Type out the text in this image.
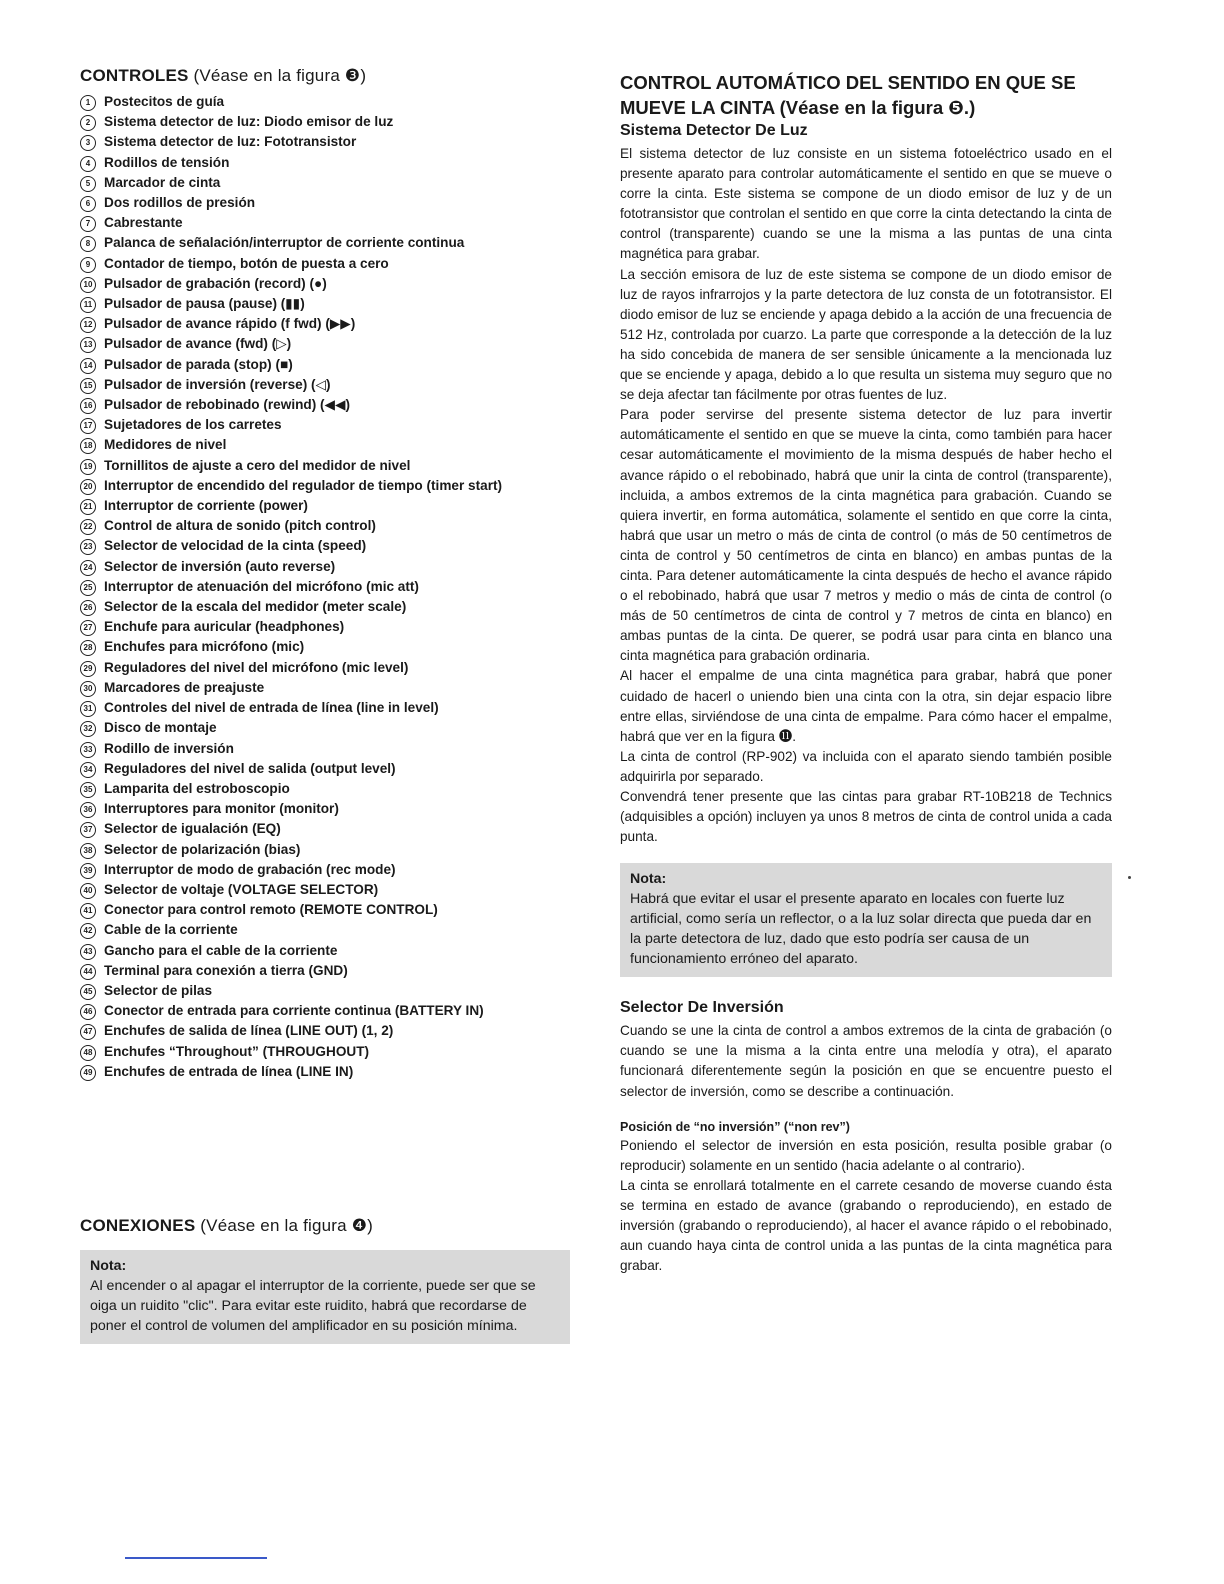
CONTROLES (Véase en la figura ❸)
1	Postecitos de guía
2	Sistema detector de luz: Diodo emisor de luz
3	Sistema detector de luz: Fototransistor
4	Rodillos de tensión
5	Marcador de cinta
6	Dos rodillos de presión
7	Cabrestante
8	Palanca de señalación/interruptor de corriente continua
9	Contador de tiempo, botón de puesta a cero
10 Pulsador de grabación (record) (●)
11 Pulsador de pausa (pause) (▮▮)
12 Pulsador de avance rápido (f fwd) (▶▶)
13 Pulsador de avance (fwd) (▷)
14 Pulsador de parada (stop) (■)
15 Pulsador de inversión (reverse) (◁)
16 Pulsador de rebobinado (rewind) (◀◀)
17 Sujetadores de los carretes
18 Medidores de nivel
19 Tornillitos de ajuste a cero del medidor de nivel
20 Interruptor de encendido del regulador de tiempo (timer start)
21 Interruptor de corriente (power)
22 Control de altura de sonido (pitch control)
23 Selector de velocidad de la cinta (speed)
24 Selector de inversión (auto reverse)
25 Interruptor de atenuación del micrófono (mic att)
26 Selector de la escala del medidor (meter scale)
27 Enchufe para auricular (headphones)
28 Enchufes para micrófono (mic)
29 Reguladores del nivel del micrófono (mic level)
30 Marcadores de preajuste
31 Controles del nivel de entrada de línea (line in level)
32 Disco de montaje
33 Rodillo de inversión
34 Reguladores del nivel de salida (output level)
35 Lamparita del estroboscopio
36 Interruptores para monitor (monitor)
37 Selector de igualación (EQ)
38 Selector de polarización (bias)
39 Interruptor de modo de grabación (rec mode)
40 Selector de voltaje (VOLTAGE SELECTOR)
41 Conector para control remoto (REMOTE CONTROL)
42 Cable de la corriente
43 Gancho para el cable de la corriente
44 Terminal para conexión a tierra (GND)
45 Selector de pilas
46 Conector de entrada para corriente continua (BATTERY IN)
47 Enchufes de salida de línea (LINE OUT) (1, 2)
48 Enchufes “Throughout” (THROUGHOUT)
49 Enchufes de entrada de línea (LINE IN)
CONEXIONES (Véase en la figura ❹)
Nota:
Al encender o al apagar el interruptor de la corriente, puede ser que se oiga un ruidito "clic". Para evitar este ruidito, habrá que recordarse de poner el control de volumen del amplificador en su posición mínima.
CONTROL AUTOMÁTICO DEL SENTIDO EN QUE SE MUEVE LA CINTA (Véase en la figura ❺.)
Sistema Detector De Luz

El sistema detector de luz consiste en un sistema fotoeléctrico usado en el presente aparato para controlar automáticamente el sentido en que se mueve o corre la cinta. Este sistema se compone de un diodo emisor de luz y de un fototransistor que controlan el sentido en que corre la cinta detectando la cinta de control (transparente) cuando se une la misma a las puntas de una cinta magnética para grabar.

La sección emisora de luz de este sistema se compone de un diodo emisor de luz de rayos infrarrojos y la parte detectora de luz consta de un fototransistor. El diodo emisor de luz se enciende y apaga debido a la acción de una frecuencia de 512 Hz, controlada por cuarzo. La parte que corresponde a la detección de la luz ha sido concebida de manera de ser sensible únicamente a la mencionada luz que se enciende y apaga, debido a lo que resulta un sistema muy seguro que no se deja afectar tan fácilmente por otras fuentes de luz.

Para poder servirse del presente sistema detector de luz para invertir automáticamente el sentido en que se mueve la cinta, como también para hacer cesar automáticamente el movimiento de la misma después de haber hecho el avance rápido o el rebobinado, habrá que unir la cinta de control (transparente), incluida, a ambos extremos de la cinta magnética para grabación. Cuando se quiera invertir, en forma automática, solamente el sentido en que corre la cinta, habrá que usar un metro o más de cinta de control (o más de 50 centímetros de cinta de control y 50 centímetros de cinta en blanco) en ambas puntas de la cinta. Para detener automáticamente la cinta después de hecho el avance rápido o el rebobinado, habrá que usar 7 metros y medio o más de cinta de control (o más de 50 centímetros de cinta de control y 7 metros de cinta en blanco) en ambas puntas de la cinta. De querer, se podrá usar para cinta en blanco una cinta magnética para grabación ordinaria.

Al hacer el empalme de una cinta magnética para grabar, habrá que poner cuidado de hacerl o uniendo bien una cinta con la otra, sin dejar espacio libre entre ellas, sirviéndose de una cinta de empalme. Para cómo hacer el empalme, habrá que ver en la figura ⓫.

La cinta de control (RP-902) va incluida con el aparato siendo también posible adquirirla por separado.

Convendrá tener presente que las cintas para grabar RT-10B218 de Technics (adquisibles a opción) incluyen ya unos 8 metros de cinta de control unida a cada punta.

Nota:
Habrá que evitar el usar el presente aparato en locales con fuerte luz artificial, como sería un reflector, o a la luz solar directa que pueda dar en la parte detectora de luz, dado que esto podría ser causa de un funcionamiento erróneo del aparato.
Selector De Inversión

Cuando se une la cinta de control a ambos extremos de la cinta de grabación (o cuando se une la misma a la cinta entre una melodía y otra), el aparato funcionará diferentemente según la posición en que se encuentre puesto el selector de inversión, como se describe a continuación.

Posición de “no inversión” (“non rev”)

Poniendo el selector de inversión en esta posición, resulta posible grabar (o reproducir) solamente en un sentido (hacia adelante o al contrario).

La cinta se enrollará totalmente en el carrete cesando de moverse cuando ésta se termina en estado de avance (grabando o reproduciendo), en estado de inversión (grabando o reproduciendo), al hacer el avance rápido o el rebobinado, aun cuando haya cinta de control unida a las puntas de la cinta magnética para grabar.
